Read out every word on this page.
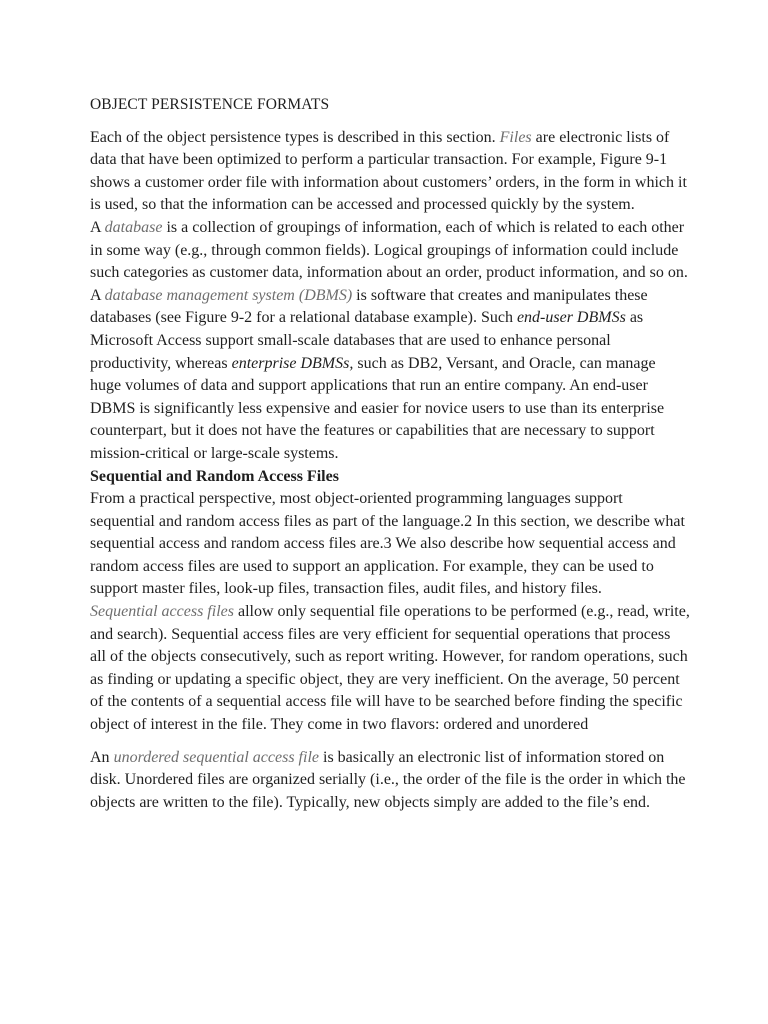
OBJECT PERSISTENCE FORMATS

Each of the object persistence types is described in this section. Files are electronic lists of data that have been optimized to perform a particular transaction. For example, Figure 9-1 shows a customer order file with information about customers’ orders, in the form in which it is used, so that the information can be accessed and processed quickly by the system.

A database is a collection of groupings of information, each of which is related to each other in some way (e.g., through common fields). Logical groupings of information could include such categories as customer data, information about an order, product information, and so on. A database management system (DBMS) is software that creates and manipulates these databases (see Figure 9-2 for a relational database example). Such end-user DBMSs as Microsoft Access support small-scale databases that are used to enhance personal productivity, whereas enterprise DBMSs, such as DB2, Versant, and Oracle, can manage huge volumes of data and support applications that run an entire company. An end-user DBMS is significantly less expensive and easier for novice users to use than its enterprise counterpart, but it does not have the features or capabilities that are necessary to support mission-critical or large-scale systems.

Sequential and Random Access Files

From a practical perspective, most object-oriented programming languages support sequential and random access files as part of the language.2 In this section, we describe what sequential access and random access files are.3 We also describe how sequential access and random access files are used to support an application. For example, they can be used to support master files, look-up files, transaction files, audit files, and history files.

Sequential access files allow only sequential file operations to be performed (e.g., read, write, and search). Sequential access files are very efficient for sequential operations that process all of the objects consecutively, such as report writing. However, for random operations, such as finding or updating a specific object, they are very inefficient. On the average, 50 percent of the contents of a sequential access file will have to be searched before finding the specific object of interest in the file. They come in two flavors: ordered and unordered

An unordered sequential access file is basically an electronic list of information stored on disk. Unordered files are organized serially (i.e., the order of the file is the order in which the objects are written to the file). Typically, new objects simply are added to the file’s end.
